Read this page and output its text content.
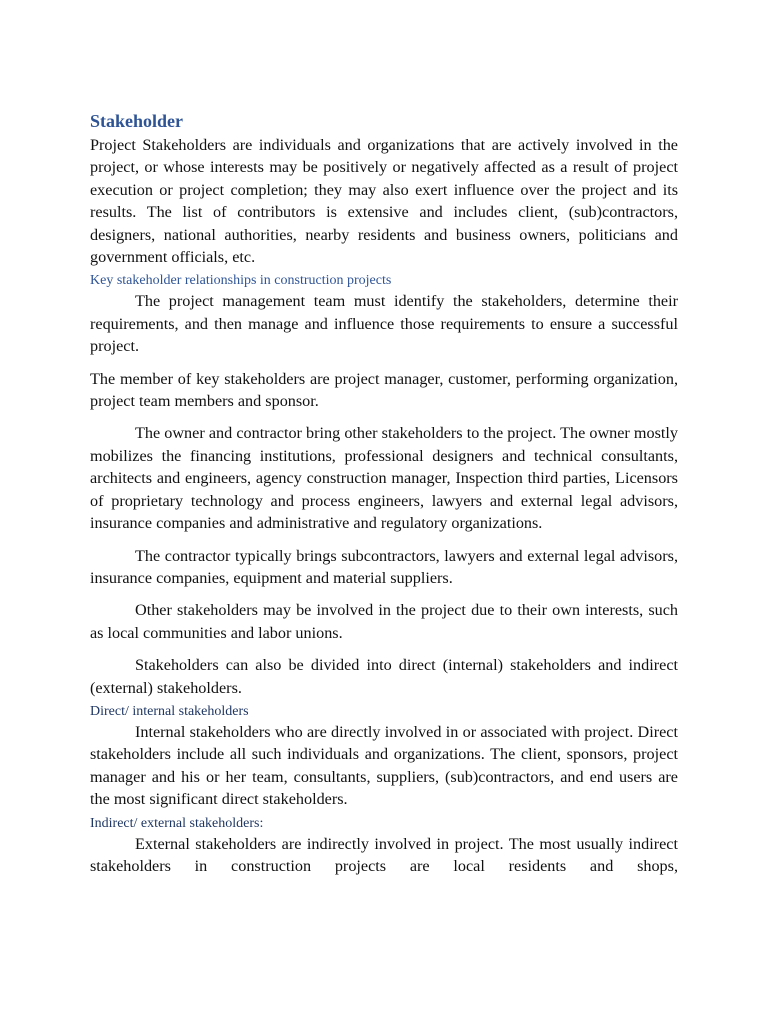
Stakeholder

Project Stakeholders are individuals and organizations that are actively involved in the project, or whose interests may be positively or negatively affected as a result of project execution or project completion; they may also exert influence over the project and its results. The list of contributors is extensive and includes client, (sub)contractors, designers, national authorities, nearby residents and business owners, politicians and government officials, etc.

Key stakeholder relationships in construction projects

The project management team must identify the stakeholders, determine their requirements, and then manage and influence those requirements to ensure a successful project.

The member of key stakeholders are project manager, customer, performing organization, project team members and sponsor.

The owner and contractor bring other stakeholders to the project. The owner mostly mobilizes the financing institutions, professional designers and technical consultants, architects and engineers, agency construction manager, Inspection third parties, Licensors of proprietary technology and process engineers, lawyers and external legal advisors, insurance companies and administrative and regulatory organizations.

The contractor typically brings subcontractors, lawyers and external legal advisors, insurance companies, equipment and material suppliers.

Other stakeholders may be involved in the project due to their own interests, such as local communities and labor unions.

Stakeholders can also be divided into direct (internal) stakeholders and indirect (external) stakeholders.

Direct/ internal stakeholders

Internal stakeholders who are directly involved in or associated with project. Direct stakeholders include all such individuals and organizations. The client, sponsors, project manager and his or her team, consultants, suppliers, (sub)contractors, and end users are the most significant direct stakeholders.

Indirect/ external stakeholders:

External stakeholders are indirectly involved in project. The most usually indirect stakeholders in construction projects are local residents and shops,
